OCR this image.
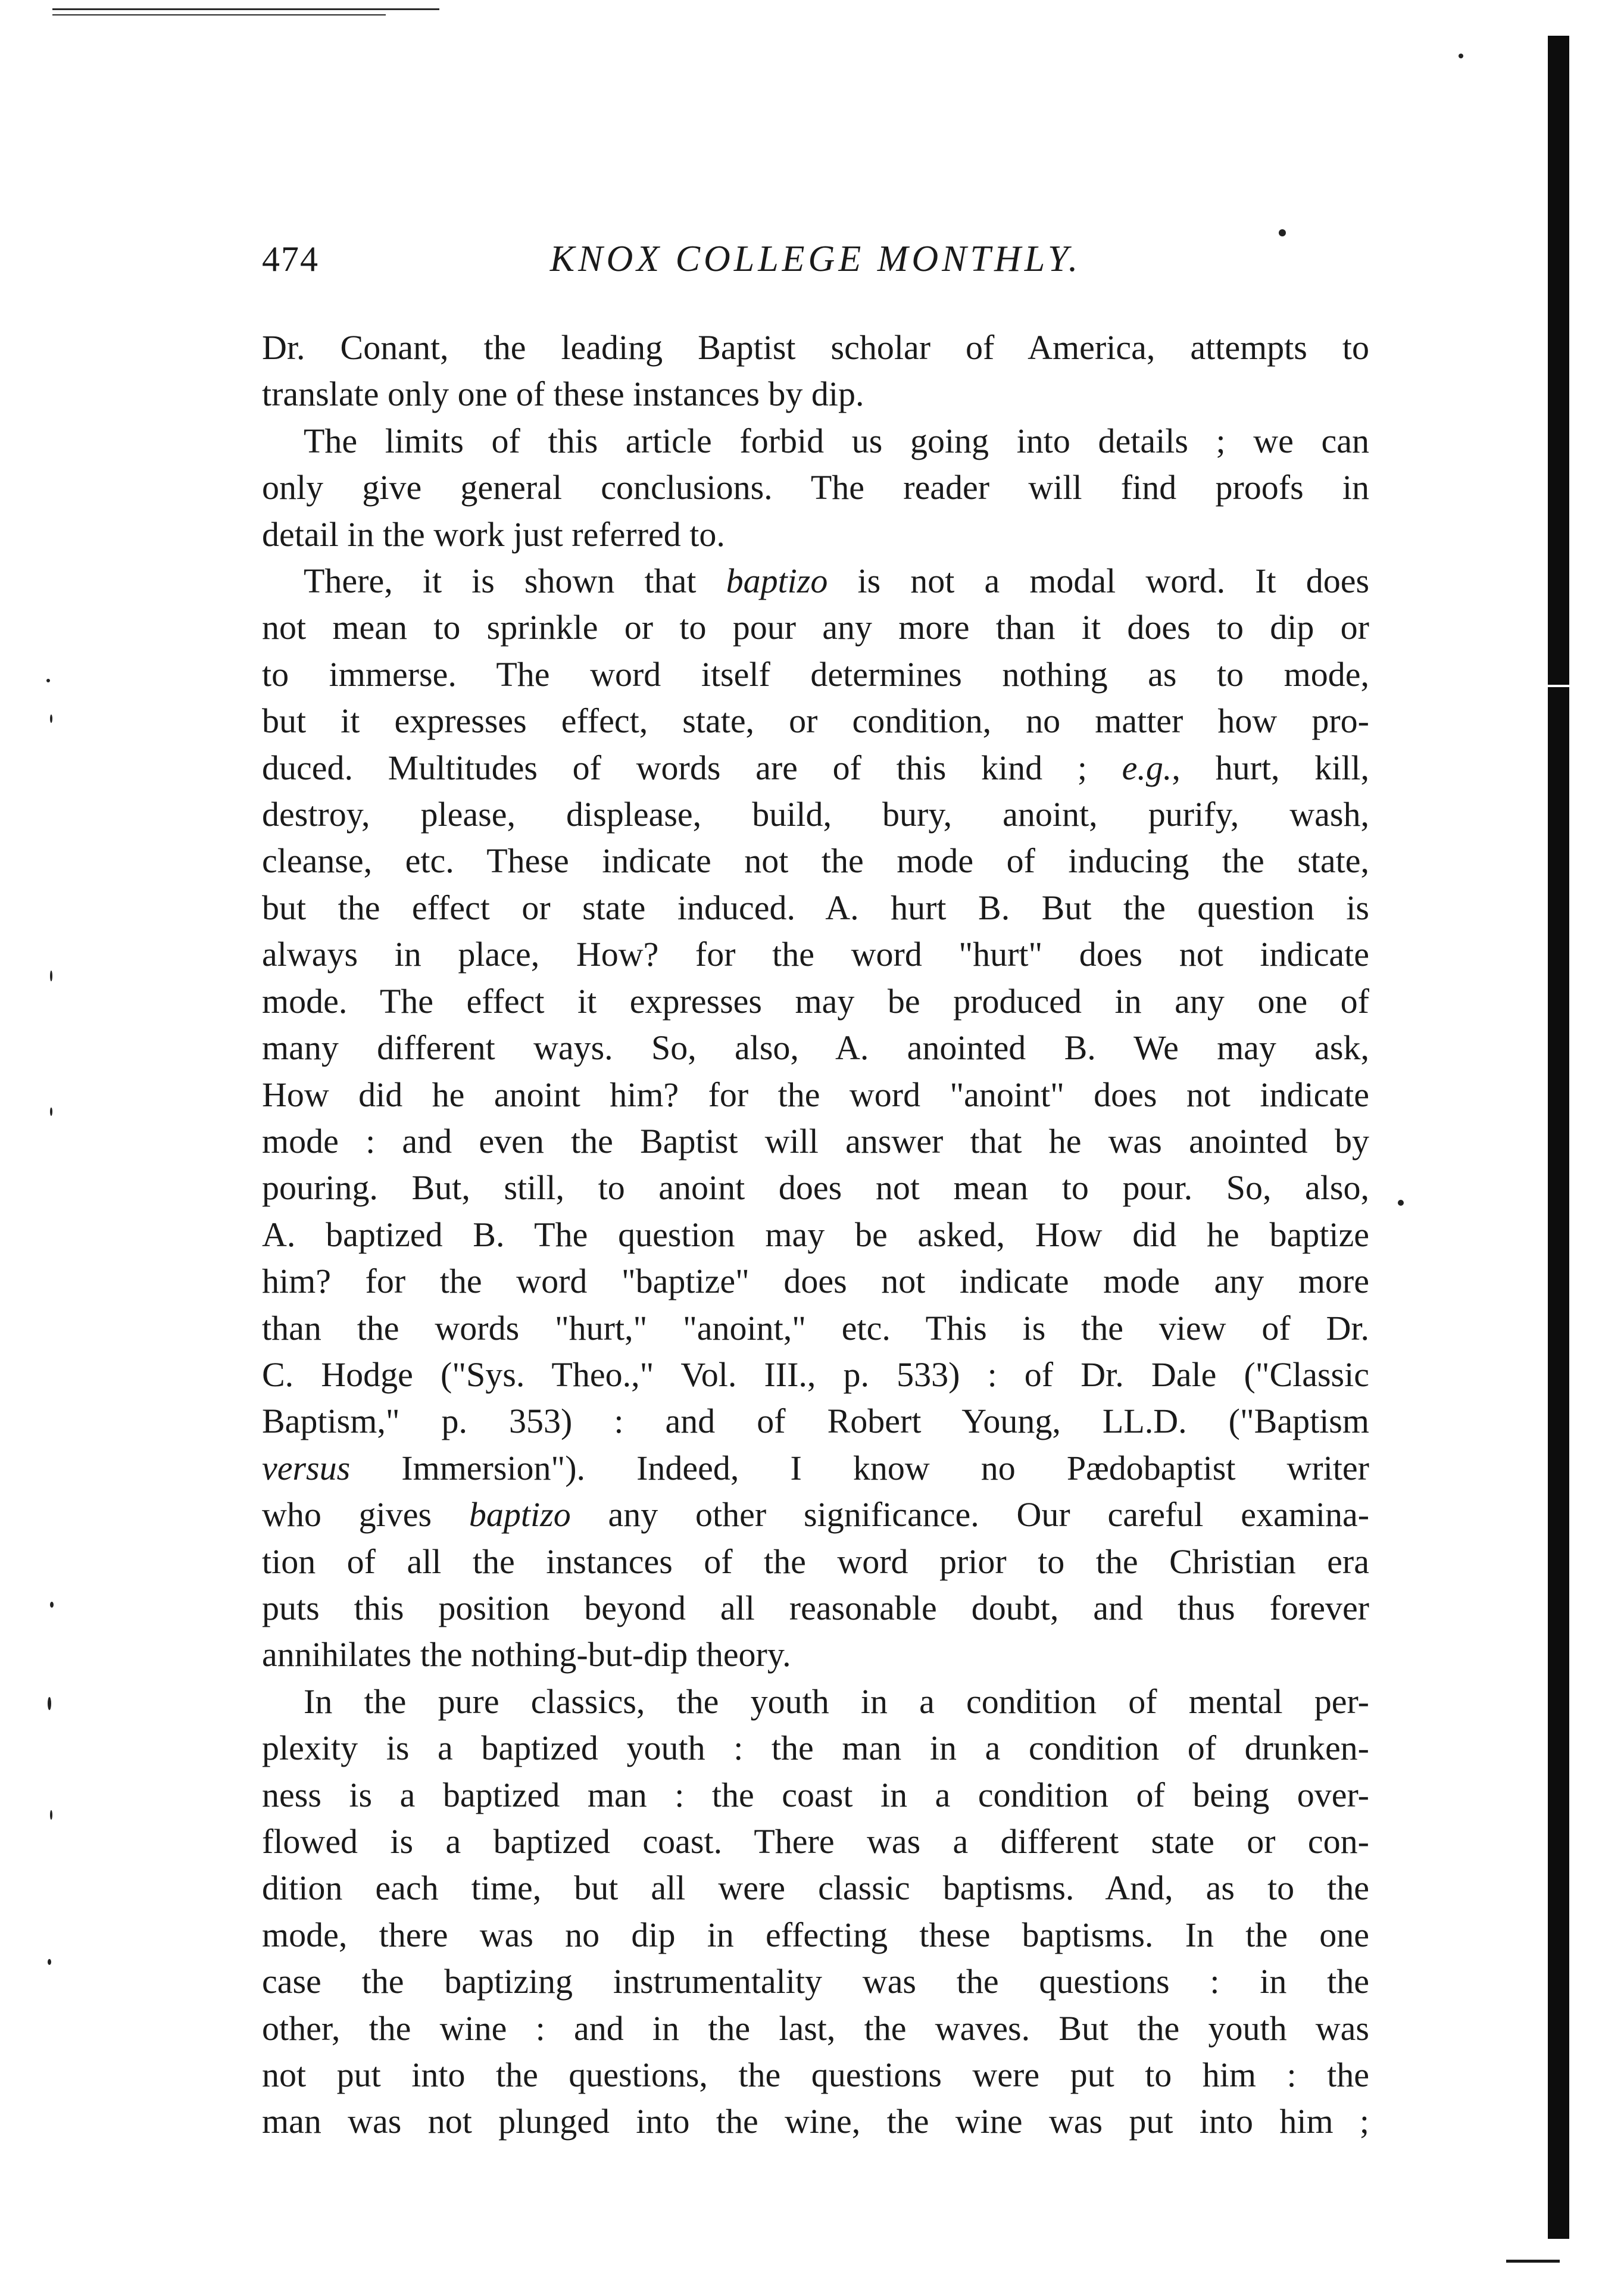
474	KNOX COLLEGE MONTHLY.

Dr. Conant, the leading Baptist scholar of America, attempts to

translate only one of these instances by dip.

The limits of this article forbid us going into details ; we can

only give general conclusions. The reader will find proofs in

detail in the work just referred to.

There, it is shown that baptizo is not a modal word. It does

not mean to sprinkle or to pour any more than it does to dip or

to immerse. The word itself determines nothing as to mode,

but it expresses effect, state, or condition, no matter how pro-

duced. Multitudes of words are of this kind ; e.g., hurt, kill,

destroy, please, displease, build, bury, anoint, purify, wash,

cleanse, etc. These indicate not the mode of inducing the state,

but the effect or state induced. A. hurt B. But the question is

always in place, How? for the word "hurt" does not indicate

mode. The effect it expresses may be produced in any one of

many different ways. So, also, A. anointed B. We may ask,

How did he anoint him? for the word "anoint" does not indicate

mode : and even the Baptist will answer that he was anointed by

pouring. But, still, to anoint does not mean to pour. So, also,

A. baptized B. The question may be asked, How did he baptize

him? for the word "baptize" does not indicate mode any more

than the words "hurt," "anoint," etc. This is the view of Dr.

C. Hodge ("Sys. Theo.," Vol. III., p. 533) : of Dr. Dale ("Classic

Baptism," p. 353) : and of Robert Young, LL.D. ("Baptism

versus Immersion"). Indeed, I know no Pædobaptist writer

who gives baptizo any other significance. Our careful examina-

tion of all the instances of the word prior to the Christian era

puts this position beyond all reasonable doubt, and thus forever

annihilates the nothing-but-dip theory.

In the pure classics, the youth in a condition of mental per-

plexity is a baptized youth : the man in a condition of drunken-

ness is a baptized man : the coast in a condition of being over-

flowed is a baptized coast. There was a different state or con-

dition each time, but all were classic baptisms. And, as to the

mode, there was no dip in effecting these baptisms. In the one

case the baptizing instrumentality was the questions : in the

other, the wine : and in the last, the waves. But the youth was

not put into the questions, the questions were put to him : the

man was not plunged into the wine, the wine was put into him ;
